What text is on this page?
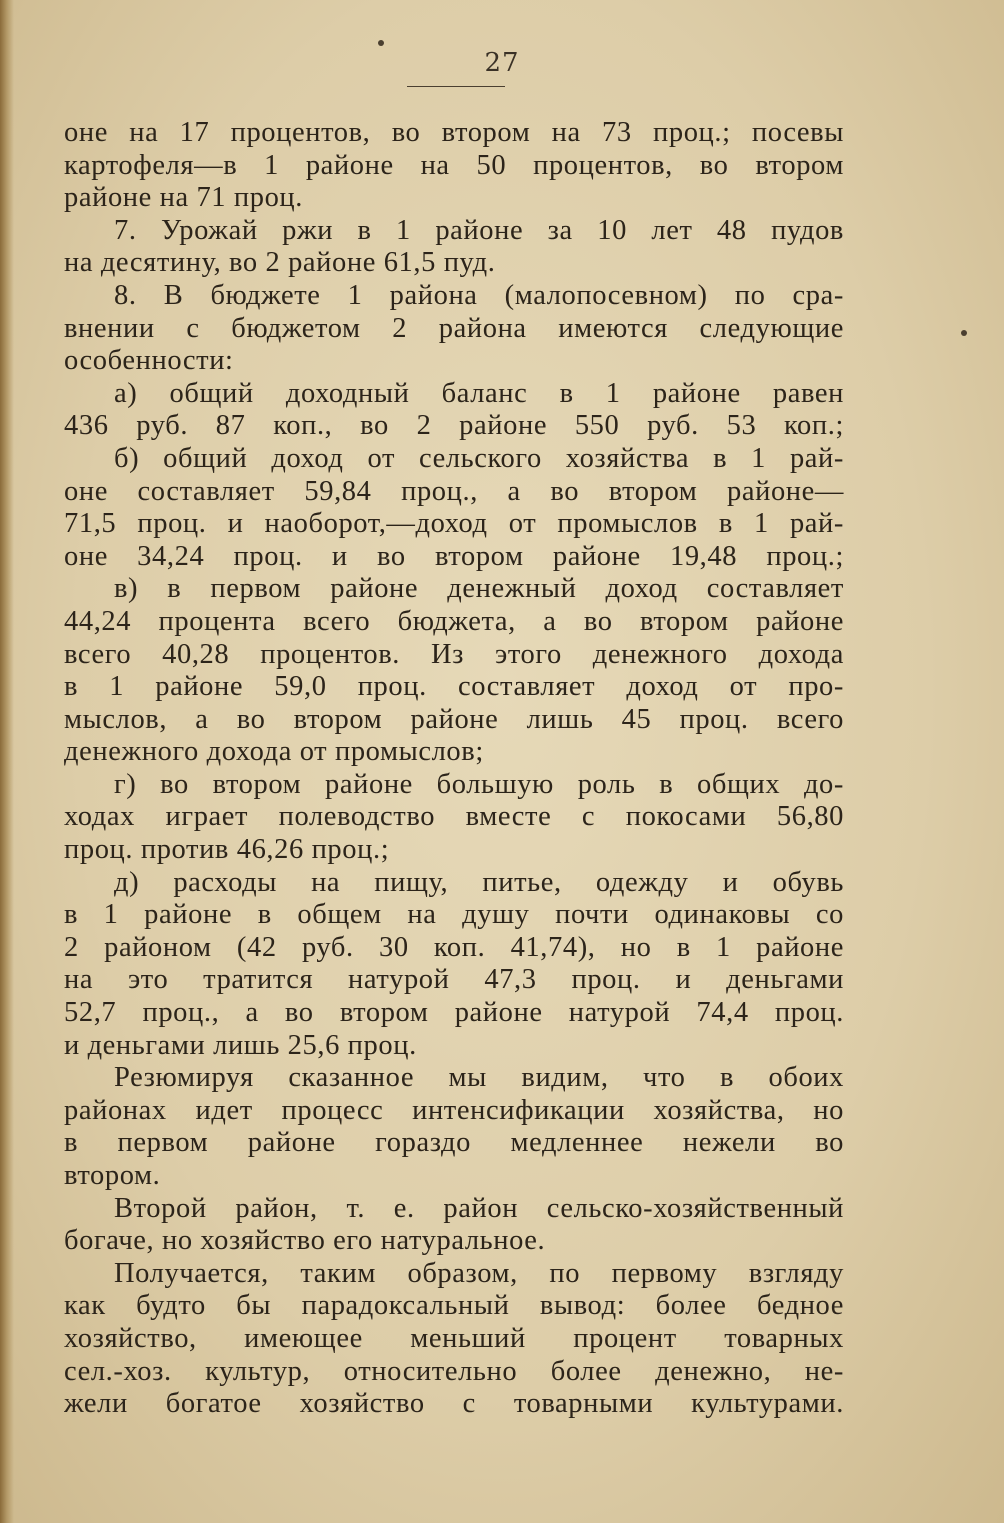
27

оне на 17 процентов, во втором на 73 проц.; посевы

картофеля—в 1 районе на 50 процентов, во втором

районе на 71 проц.

7. Урожай ржи в 1 районе за 10 лет 48 пудов

на десятину, во 2 районе 61,5 пуд.

8. В бюджете 1 района (малопосевном) по сра-

внении с бюджетом 2 района имеются следующие

особенности:

а) общий доходный баланс в 1 районе равен

436 руб. 87 коп., во 2 районе 550 руб. 53 коп.;

б) общий доход от сельского хозяйства в 1 рай-

оне составляет 59,84 проц., а во втором районе—

71,5 проц. и наоборот,—доход от промыслов в 1 рай-

оне 34,24 проц. и во втором районе 19,48 проц.;

в) в первом районе денежный доход составляет

44,24 процента всего бюджета, а во втором районе

всего 40,28 процентов. Из этого денежного дохода

в 1 районе 59,0 проц. составляет доход от про-

мыслов, а во втором районе лишь 45 проц. всего

денежного дохода от промыслов;

г) во втором районе большую роль в общих до-

ходах играет полеводство вместе с покосами 56,80

проц. против 46,26 проц.;

д) расходы на пищу, питье, одежду и обувь

в 1 районе в общем на душу почти одинаковы со

2 районом (42 руб. 30 коп. 41,74), но в 1 районе

на это тратится натурой 47,3 проц. и деньгами

52,7 проц., а во втором районе натурой 74,4 проц.

и деньгами лишь 25,6 проц.

Резюмируя сказанное мы видим, что в обоих

районах идет процесс интенсификации хозяйства, но

в первом районе гораздо медленнее нежели во

втором.

Второй район, т. е. район сельско-хозяйственный

богаче, но хозяйство его натуральное.

Получается, таким образом, по первому взгляду

как будто бы парадоксальный вывод: более бедное

хозяйство, имеющее меньший процент товарных

сел.-хоз. культур, относительно более денежно, не-

жели богатое хозяйство с товарными культурами.
